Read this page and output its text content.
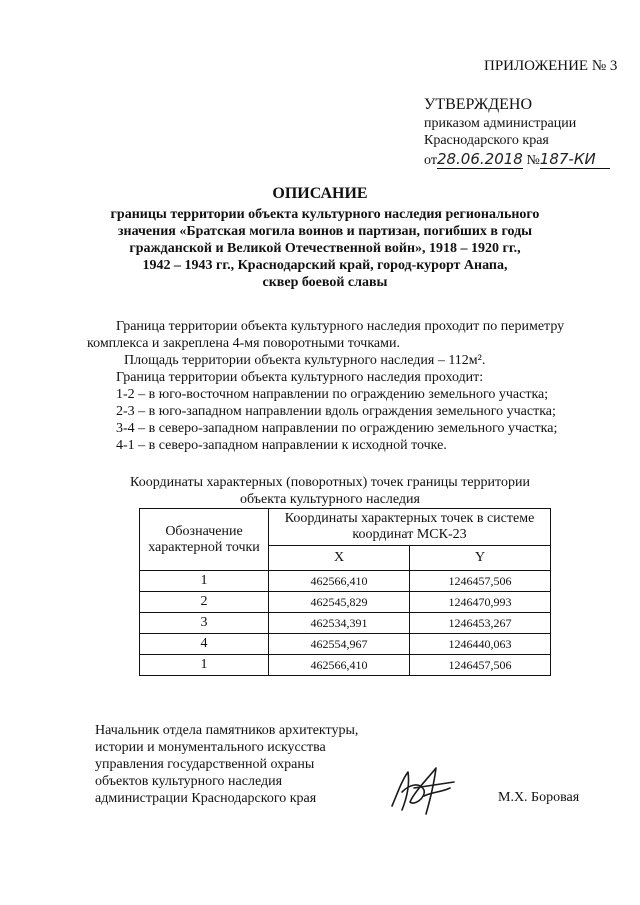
ПРИЛОЖЕНИЕ № 3
УТВЕРЖДЕНО
приказом администрации
Краснодарского края
от28.06.2018 №187-КИ
ОПИСАНИЕ
границы территории объекта культурного наследия регионального
значения «Братская могила воинов и партизан, погибших в годы
гражданской и Великой Отечественной войн», 1918 – 1920 гг.,
1942 – 1943 гг., Краснодарский край, город-курорт Анапа,
сквер боевой славы
Граница территории объекта культурного наследия проходит по периметру
комплекса и закреплена 4-мя поворотными точками.
Площадь территории объекта культурного наследия – 112м².
Граница территории объекта культурного наследия проходит:
1-2 – в юго-восточном направлении по ограждению земельного участка;
2-3 – в юго-западном направлении вдоль ограждения земельного участка;
3-4 – в северо-западном направлении по ограждению земельного участка;
4-1 – в северо-западном направлении к исходной точке.
Координаты характерных (поворотных) точек границы территории
объекта культурного наследия
Обозначение характерной точки	Координаты характерных точек в системе координат МСК-23	
	X	Y
1	462566,410	1246457,506
2	462545,829	1246470,993
3	462534,391	1246453,267
4	462554,967	1246440,063
1	462566,410	1246457,506
Начальник отдела памятников архитектуры,
истории и монументального искусства
управления государственной охраны
объектов культурного наследия
администрации Краснодарского края	М.Х. Боровая
